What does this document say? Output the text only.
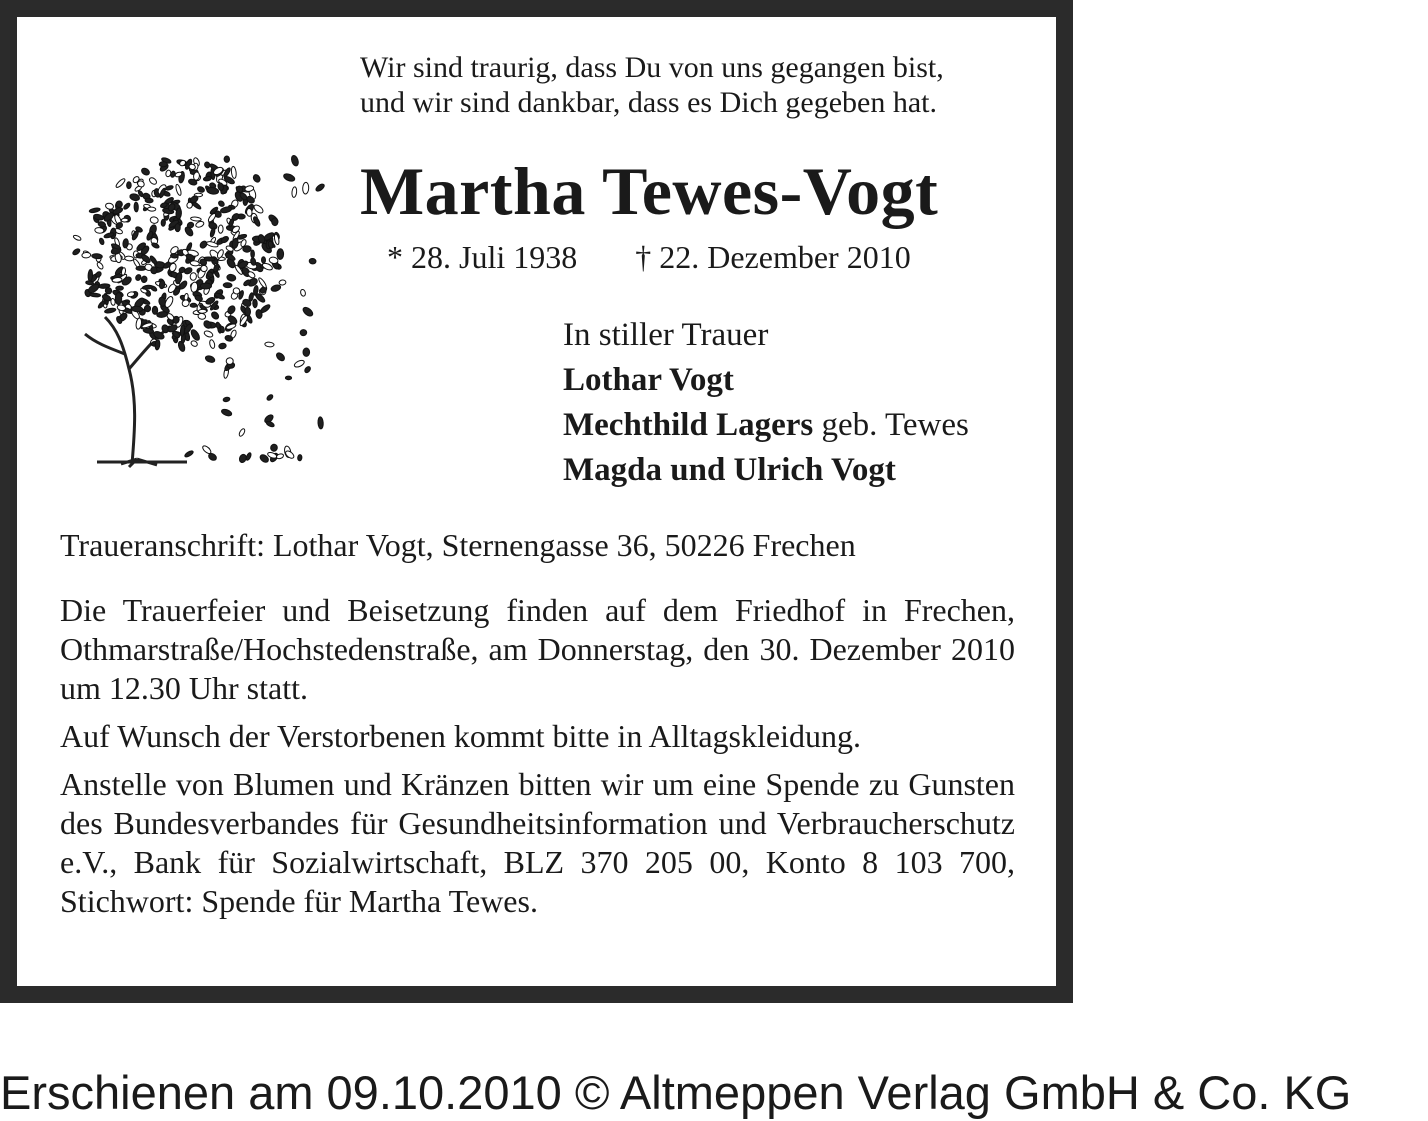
Wir sind traurig, dass Du von uns gegangen bist,
und wir sind dankbar, dass es Dich gegeben hat.
Martha Tewes-Vogt
* 28. Juli 1938 † 22. Dezember 2010
In stiller Trauer
Lothar Vogt
Mechthild Lagers geb. Tewes
Magda und Ulrich Vogt
Traueranschrift: Lothar Vogt, Sternengasse 36, 50226 Frechen
Die Trauerfeier und Beisetzung finden auf dem Friedhof in Frechen, Othmarstraße/Hochstedenstraße, am Donnerstag, den 30. Dezember 2010 um 12.30 Uhr statt.
Auf Wunsch der Verstorbenen kommt bitte in Alltagskleidung.
Anstelle von Blumen und Kränzen bitten wir um eine Spende zu Gunsten des Bundesverbandes für Gesundheitsinformation und Verbraucherschutz e.V., Bank für Sozialwirtschaft, BLZ 370 205 00, Konto 8 103 700, Stichwort: Spende für Martha Tewes.
Erschienen am 09.10.2010 © Altmeppen Verlag GmbH & Co. KG
